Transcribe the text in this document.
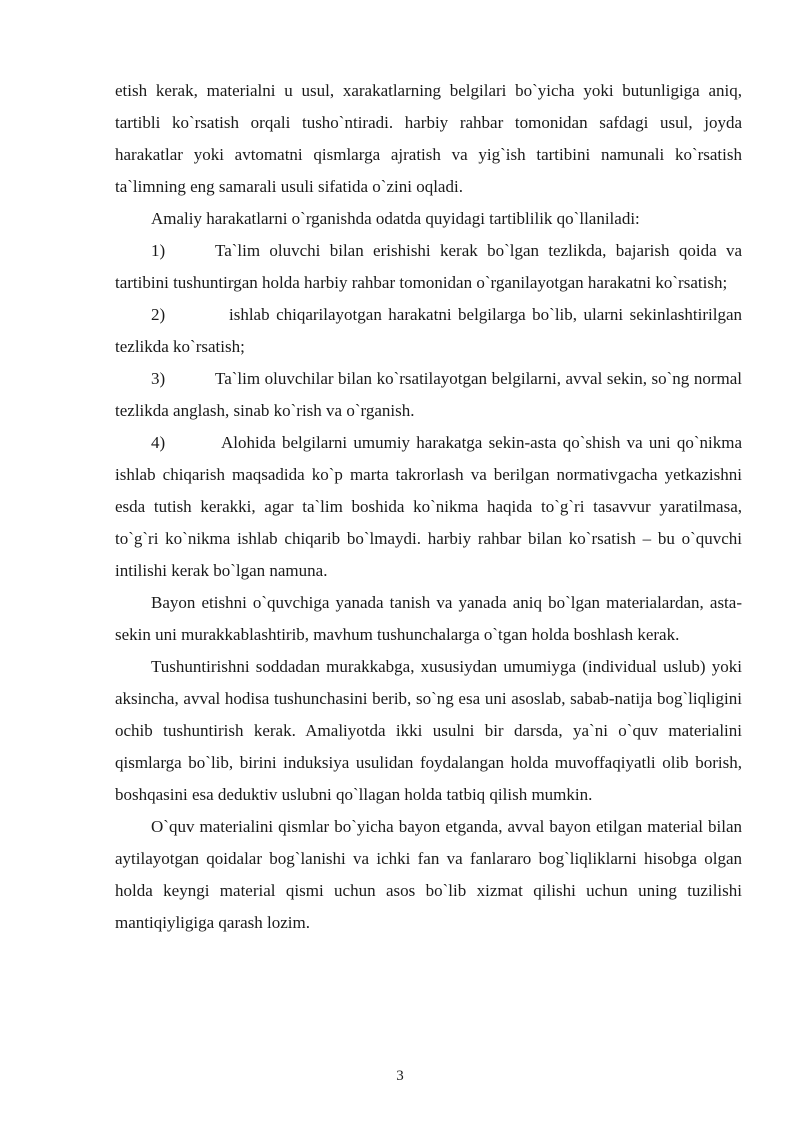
etish kerak, materialni u usul, xarakatlarning belgilari bo`yicha yoki butunligiga aniq, tartibli ko`rsatish orqali tusho`ntiradi. harbiy rahbar tomonidan safdagi usul, joyda harakatlar yoki avtomatni qismlarga ajratish va yig`ish tartibini namunali ko`rsatish ta`limning eng samarali usuli sifatida o`zini oqladi.

Amaliy harakatlarni o`rganishda odatda quyidagi tartiblilik qo`llaniladi:

1)	Ta`lim oluvchi bilan erishishi kerak bo`lgan tezlikda, bajarish qoida va tartibini tushuntirgan holda harbiy rahbar tomonidan o`rganilayotgan harakatni ko`rsatish;

2)	ishlab chiqarilayotgan harakatni belgilarga bo`lib, ularni sekinlashtirilgan tezlikda ko`rsatish;

3)	Ta`lim oluvchilar bilan ko`rsatilayotgan belgilarni, avval sekin, so`ng normal tezlikda anglash, sinab ko`rish va o`rganish.

4)	Alohida belgilarni umumiy harakatga sekin-asta qo`shish va uni qo`nikma ishlab chiqarish maqsadida ko`p marta takrorlash va berilgan normativgacha yetkazishni esda tutish kerakki, agar ta`lim boshida ko`nikma haqida to`g`ri tasavvur yaratilmasa, to`g`ri ko`nikma ishlab chiqarib bo`lmaydi. harbiy rahbar bilan ko`rsatish – bu o`quvchi intilishi kerak bo`lgan namuna.

Bayon etishni o`quvchiga yanada tanish va yanada aniq bo`lgan materialardan, asta-sekin uni murakkablashtirib, mavhum tushunchalarga o`tgan holda boshlash kerak.

Tushuntirishni soddadan murakkabga, xususiydan umumiyga (individual uslub) yoki aksincha, avval hodisa tushunchasini berib, so`ng esa uni asoslab, sabab-natija bog`liqligini ochib tushuntirish kerak. Amaliyotda ikki usulni bir darsda, ya`ni o`quv materialini qismlarga bo`lib, birini induksiya usulidan foydalangan holda muvoffaqiyatli olib borish, boshqasini esa deduktiv uslubni qo`llagan holda tatbiq qilish mumkin.

O`quv materialini qismlar bo`yicha bayon etganda, avval bayon etilgan material bilan aytilayotgan qoidalar bog`lanishi va ichki fan va fanlararo bog`liqliklarni hisobga olgan holda keyngi material qismi uchun asos bo`lib xizmat qilishi uchun uning tuzilishi mantiqiyligiga qarash lozim.

3
